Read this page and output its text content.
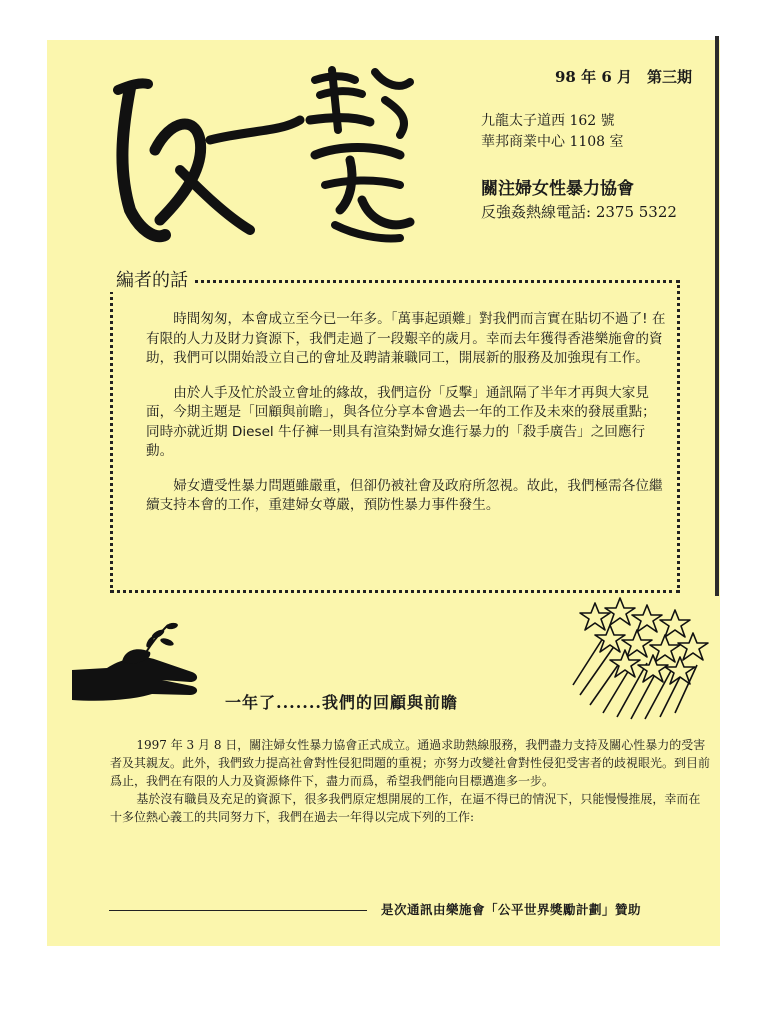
反擊
98 年 6 月　第三期
九龍太子道西 162 號
華邦商業中心 1108 室
關注婦女性暴力協會
反強姦熱線電話: 2375 5322
編者的話

時間匆匆，本會成立至今已一年多。「萬事起頭難」對我們而言實在貼切不過了! 在有限的人力及財力資源下，我們走過了一段艱辛的歲月。幸而去年獲得香港樂施會的資助，我們可以開始設立自己的會址及聘請兼職同工，開展新的服務及加強現有工作。

由於人手及忙於設立會址的緣故，我們這份「反擊」通訊隔了半年才再與大家見面，今期主題是「回顧與前瞻」，與各位分享本會過去一年的工作及未來的發展重點；同時亦就近期 Diesel 牛仔褲一則具有渲染對婦女進行暴力的「殺手廣告」之回應行動。

婦女遭受性暴力問題雖嚴重，但卻仍被社會及政府所忽視。故此，我們極需各位繼續支持本會的工作，重建婦女尊嚴，預防性暴力事件發生。

一年了.......我們的回顧與前瞻

1997 年 3 月 8 日，關注婦女性暴力協會正式成立。通過求助熱線服務，我們盡力支持及關心性暴力的受害者及其親友。此外，我們致力提高社會對性侵犯問題的重視；亦努力改變社會對性侵犯受害者的歧視眼光。到目前爲止，我們在有限的人力及資源條件下，盡力而爲，希望我們能向目標邁進多一步。

基於沒有職員及充足的資源下，很多我們原定想開展的工作，在逼不得已的情況下，只能慢慢推展，幸而在十多位熱心義工的共同努力下，我們在過去一年得以完成下列的工作:

是次通訊由樂施會「公平世界獎勵計劃」贊助
